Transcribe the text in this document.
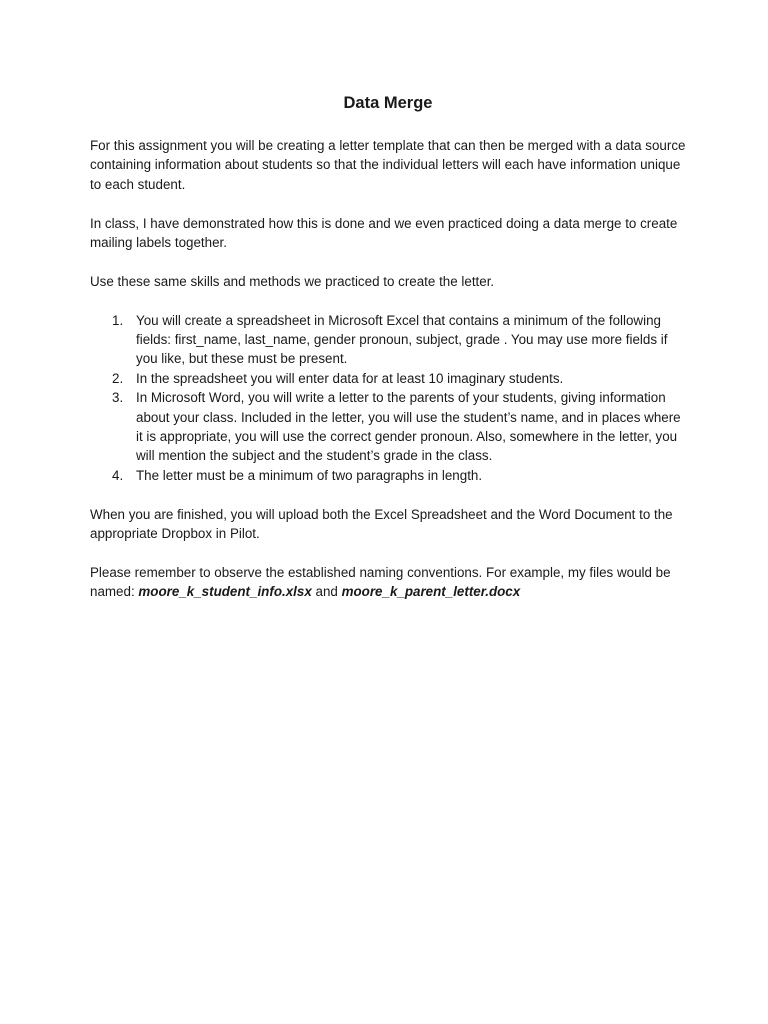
Data Merge

For this assignment you will be creating a letter template that can then be merged with a data source containing information about students so that the individual letters will each have information unique to each student.

In class, I have demonstrated how this is done and we even practiced doing a data merge to create mailing labels together.

Use these same skills and methods we practiced to create the letter.

1. You will create a spreadsheet in Microsoft Excel that contains a minimum of the following fields: first_name, last_name, gender pronoun, subject, grade . You may use more fields if you like, but these must be present.
2. In the spreadsheet you will enter data for at least 10 imaginary students.
3. In Microsoft Word, you will write a letter to the parents of your students, giving information about your class. Included in the letter, you will use the student’s name, and in places where it is appropriate, you will use the correct gender pronoun. Also, somewhere in the letter, you will mention the subject and the student’s grade in the class.
4. The letter must be a minimum of two paragraphs in length.

When you are finished, you will upload both the Excel Spreadsheet and the Word Document to the appropriate Dropbox in Pilot.

Please remember to observe the established naming conventions. For example, my files would be named: moore_k_student_info.xlsx and moore_k_parent_letter.docx
